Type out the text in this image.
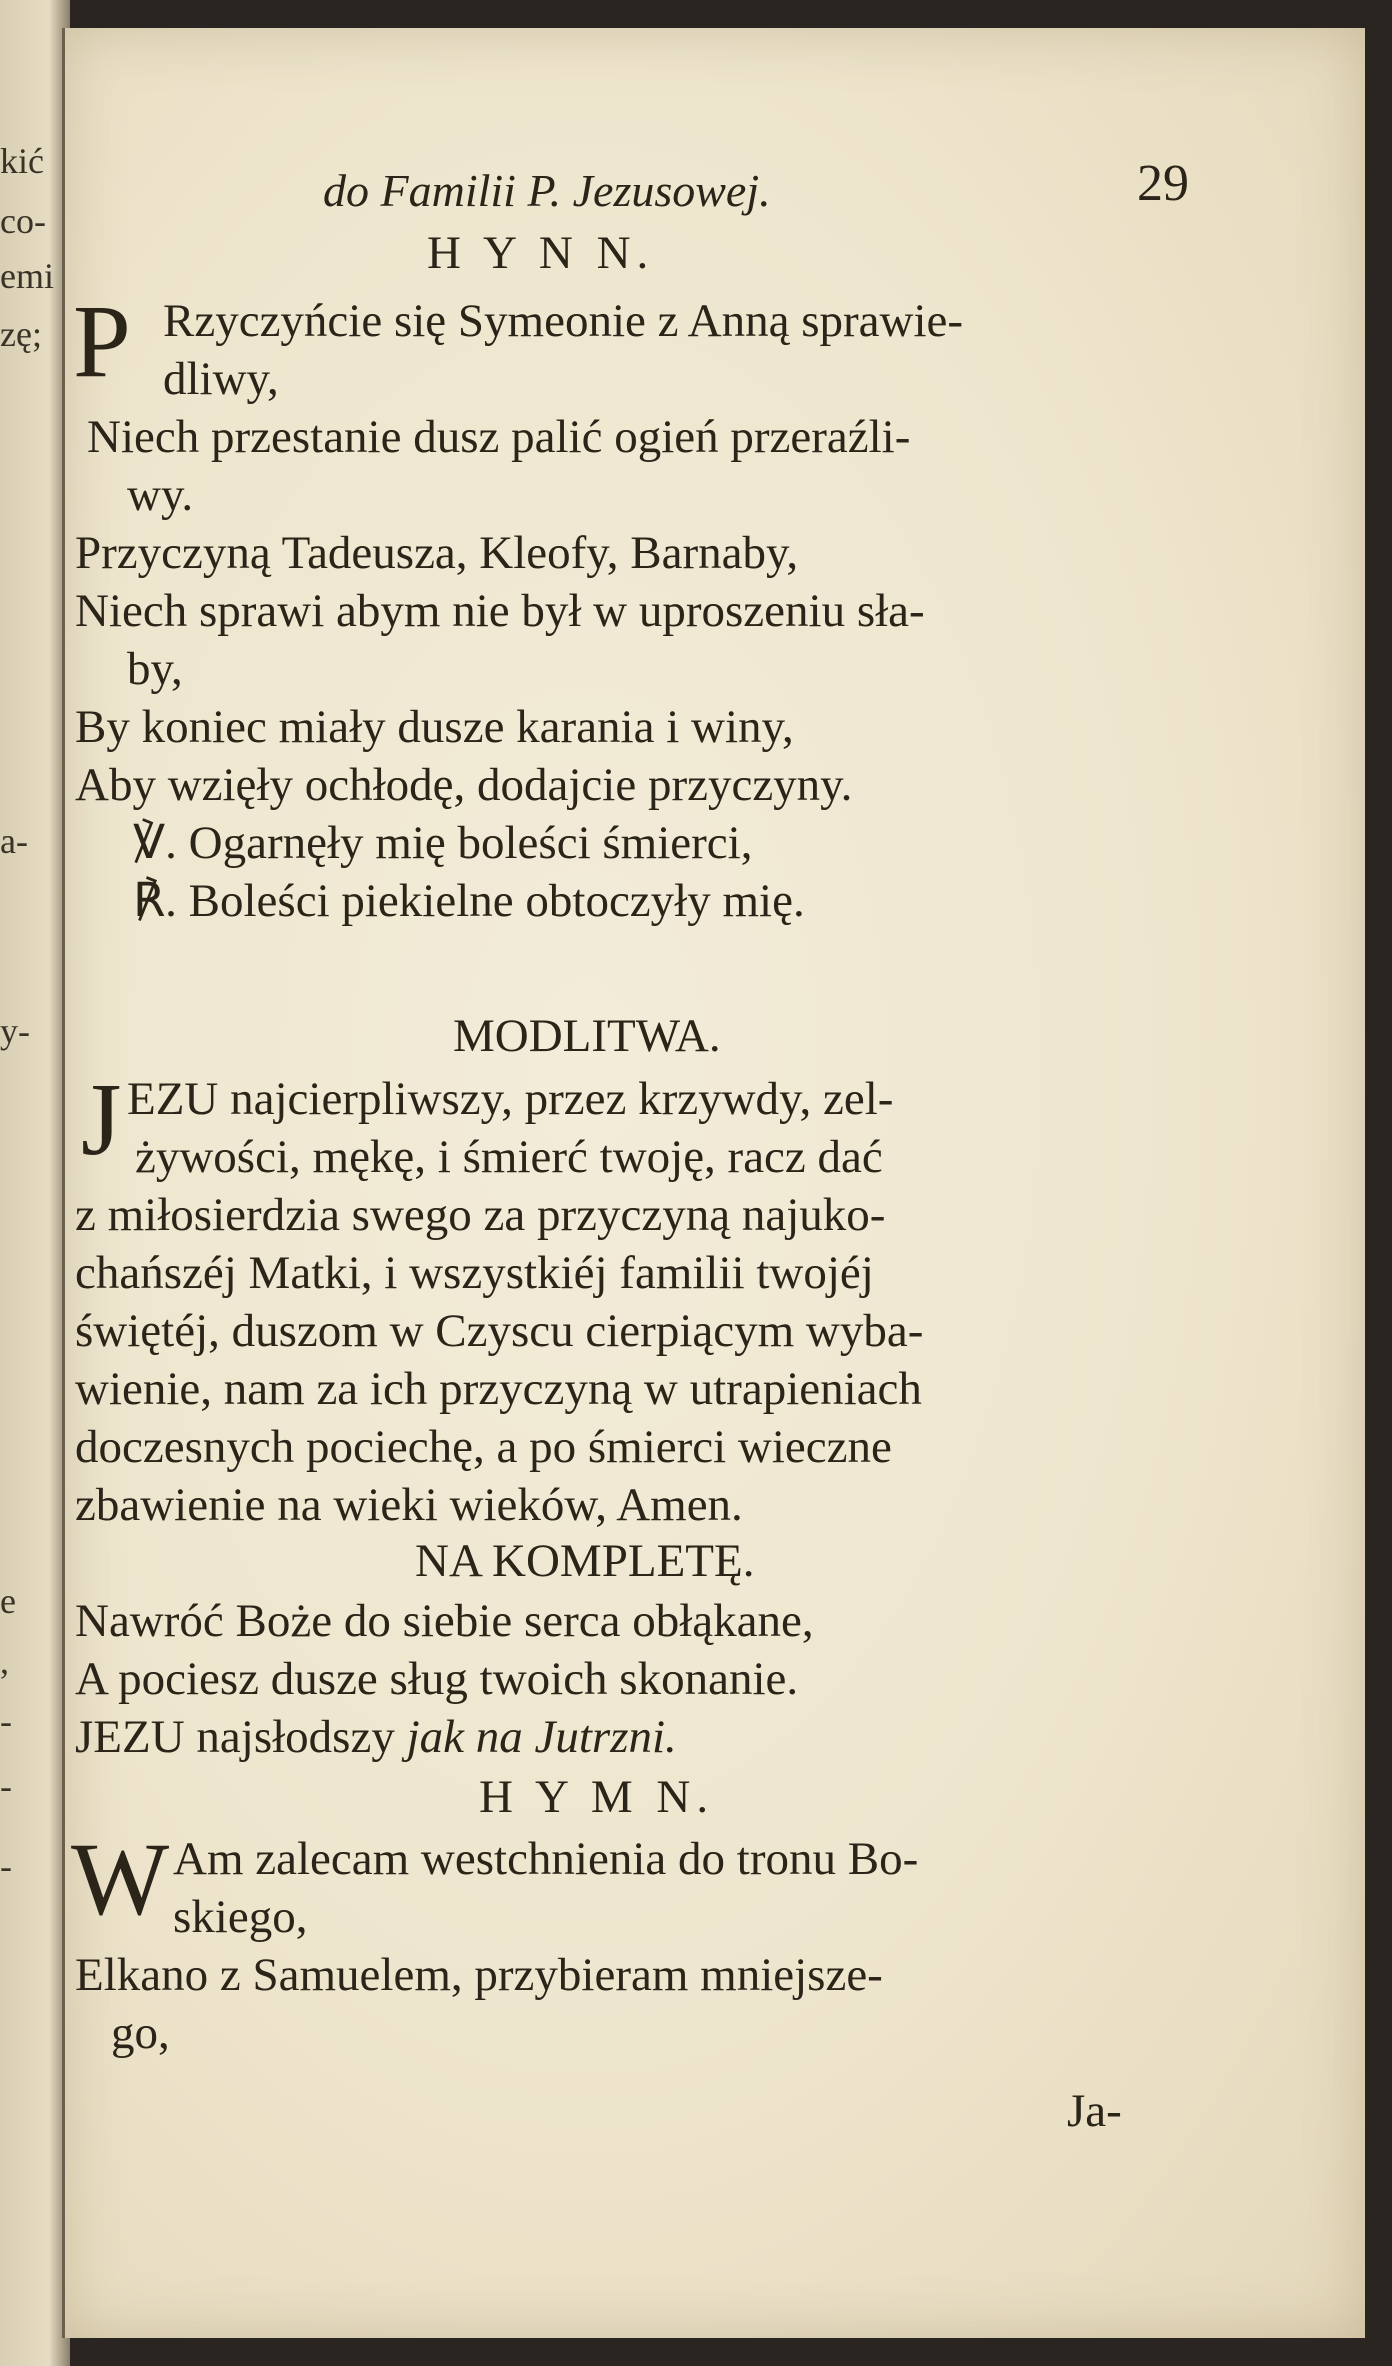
kić
co-
emi
zę;
a-
y-
e
,
-
-
-
do Familii P. Jezusowej.	29
H Y N N.
P Rzyczyńcie się Symeonie z Anną sprawie-
dliwy,
Niech przestanie dusz palić ogień przeraźli-
wy.
Przyczyną Tadeusza, Kleofy, Barnaby,
Niech sprawi abym nie był w uproszeniu sła-
by,
By koniec miały dusze karania i winy,
Aby wzięły ochłodę, dodajcie przyczyny.
℣. Ogarnęły mię boleści śmierci,
℟. Boleści piekielne obtoczyły mię.
MODLITWA.
J EZU najcierpliwszy, przez krzywdy, zel-
żywości, mękę, i śmierć twoję, racz dać
z miłosierdzia swego za przyczyną najuko-
chańszéj Matki, i wszystkiéj familii twojéj
świętéj, duszom w Czyscu cierpiącym wyba-
wienie, nam za ich przyczyną w utrapieniach
doczesnych pociechę, a po śmierci wieczne
zbawienie na wieki wieków, Amen.
NA KOMPLETĘ.
Nawróć Boże do siebie serca obłąkane,
A pociesz dusze sług twoich skonanie.
JEZU najsłodszy jak na Jutrzni.
H Y M N.
W Am zalecam westchnienia do tronu Bo-
skiego,
Elkano z Samuelem, przybieram mniejsze-
go,
Ja-
